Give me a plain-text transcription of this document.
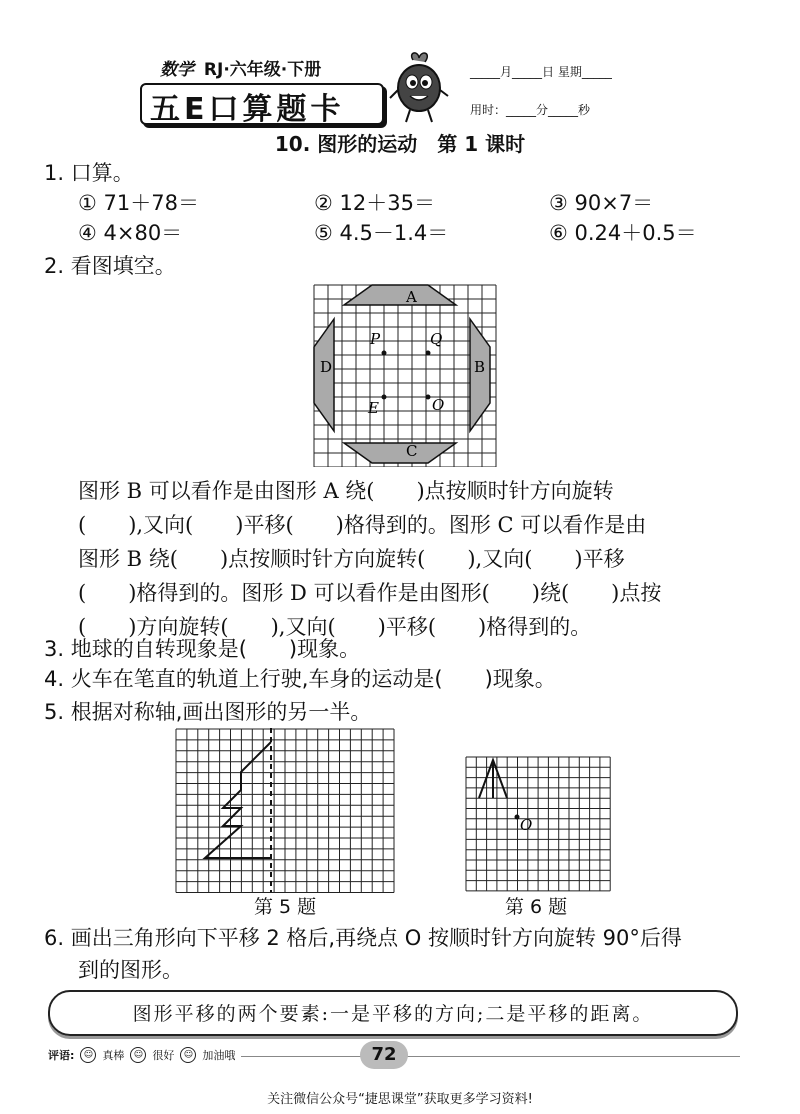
数学 RJ·六年级·下册
五E口算题卡
_____月_____日 星期_____
用时：_____分_____秒
10. 图形的运动　第 1 课时
1. 口算。
① 71＋78＝	② 12＋35＝	③ 90×7＝
④ 4×80＝	⑤ 4.5－1.4＝	⑥ 0.24＋0.5＝
2. 看图填空。
A
B
C
D
P	Q
E	O
图形 B 可以看作是由图形 A 绕(　　)点按顺时针方向旋转
(　　),又向(　　)平移(　　)格得到的。图形 C 可以看作是由
图形 B 绕(　　)点按顺时针方向旋转(　　),又向(　　)平移
(　　)格得到的。图形 D 可以看作是由图形(　　)绕(　　)点按
(　　)方向旋转(　　),又向(　　)平移(　　)格得到的。
3. 地球的自转现象是(　　)现象。
4. 火车在笔直的轨道上行驶,车身的运动是(　　)现象。
5. 根据对称轴,画出图形的另一半。
第 5 题
O
第 6 题
6. 画出三角形向下平移 2 格后,再绕点 O 按顺时针方向旋转 90°后得
到的图形。
图形平移的两个要素:一是平移的方向;二是平移的距离。
评语:	☺ 真棒	☺ 很好	☺ 加油哦	72
关注微信公众号“捷思课堂”获取更多学习资料!
